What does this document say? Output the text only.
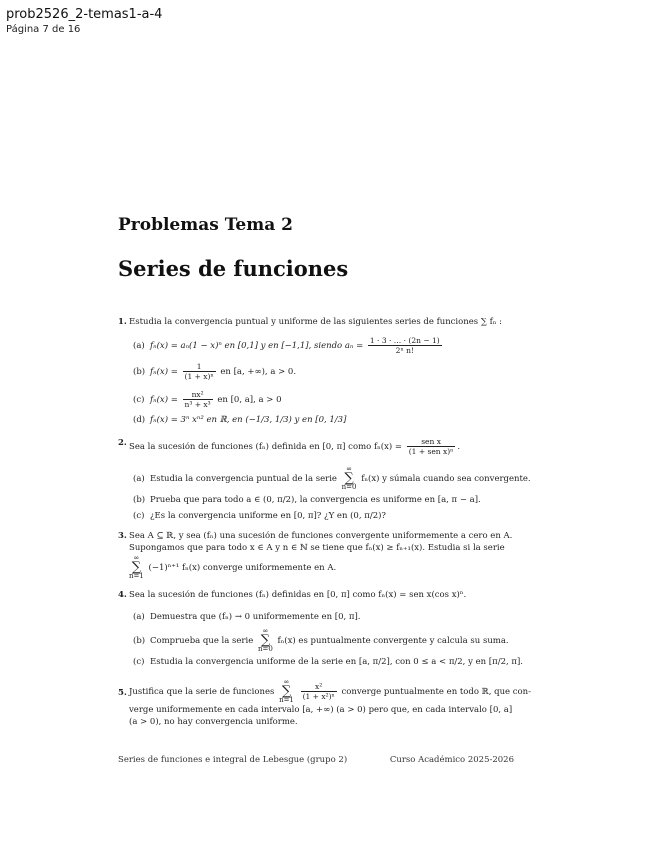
prob2526_2-temas1-a-4
Página 7 de 16
Problemas Tema 2
Series de funciones
1. Estudia la convergencia puntual y uniforme de las siguientes series de funciones ∑ fₙ :
(a) fₙ(x) = aₙ(1 − x)ⁿ en [0,1] y en [−1,1], siendo $a_n = \frac{1 \cdot 3 \cdot \dots \cdot (2n - 1)}{\text{2ⁿ n!}}$
(b) $f_n(x) = \frac{1}{\text{(1 + x)ⁿ}}$ en [a, +∞), a > 0.
(c) $f_n(x) = \frac{\text{nx²}}{\text{n³ + x³}}$ en [0, a], a > 0
(d) fₙ(x) = 3ⁿ xⁿ² en ℝ, en (−1/3, 1/3) y en [0, 1/3]
2. Sea la sucesión de funciones (fₙ) definida en [0, π] como $f_n(x) = \frac{\text{sen x}}{\text{(1 + sen x)ⁿ}}$ .
(a) Estudia la convergencia puntual de la serie ∞
∑
n=0 fₙ(x) y súmala cuando sea convergente.
(b) Prueba que para todo a ∈ (0, π/2), la convergencia es uniforme en [a, π − a].
(c) ¿Es la convergencia uniforme en [0, π]? ¿Y en (0, π/2)?
3. Sea A ⊆ ℝ, y sea (fₙ) una sucesión de funciones convergente uniformemente a cero en A.
Supongamos que para todo x ∈ A y n ∈ ℕ se tiene que fₙ(x) ≥ fₙ₊₁(x). Estudia si la serie
∞
∑
n=1 (−1)ⁿ⁺¹ fₙ(x) converge uniformemente en A.
4. Sea la sucesión de funciones (fₙ) definidas en [0, π] como fₙ(x) = sen x(cos x)ⁿ.
(a) Demuestra que (fₙ) → 0 uniformemente en [0, π].
(b) Comprueba que la serie ∞
∑
n=0 fₙ(x) es puntualmente convergente y calcula su suma.
(c) Estudia la convergencia uniforme de la serie en [a, π/2], con 0 ≤ a < π/2, y en [π/2, π].
5. Justifica que la serie de funciones ∞
∑
$n=1 \frac{\text{x²}}{\text{(1 + x²)ⁿ}}$ converge puntualmente en todo ℝ, que con-
verge uniformemente en cada intervalo [a, +∞) (a > 0) pero que, en cada intervalo [0, a]
(a > 0), no hay convergencia uniforme.
Series de funciones e integral de Lebesgue (grupo 2)	Curso Académico 2025-2026
